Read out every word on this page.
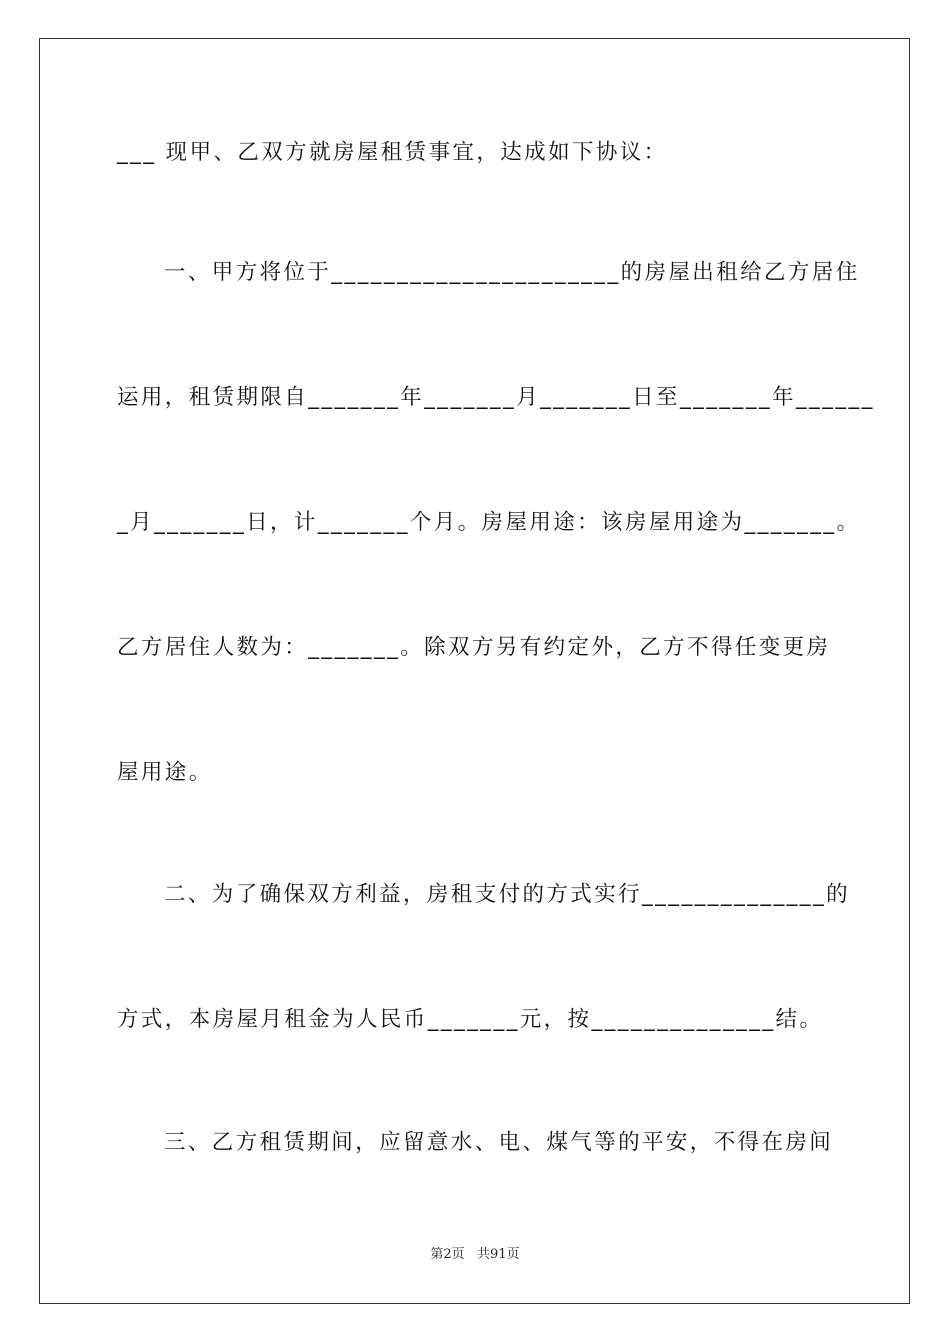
___ 现甲、乙双方就房屋租赁事宜，达成如下协议：
一、甲方将位于______________________的房屋出租给乙方居住
运用，租赁期限自_______年_______月_______日至_______年______
_月_______日，计_______个月。房屋用途：该房屋用途为_______。
乙方居住人数为：_______。除双方另有约定外，乙方不得任变更房
屋用途。
二、为了确保双方利益，房租支付的方式实行______________的
方式，本房屋月租金为人民币_______元，按______________结。
三、乙方租赁期间，应留意水、电、煤气等的平安，不得在房间
第2页   共91页
